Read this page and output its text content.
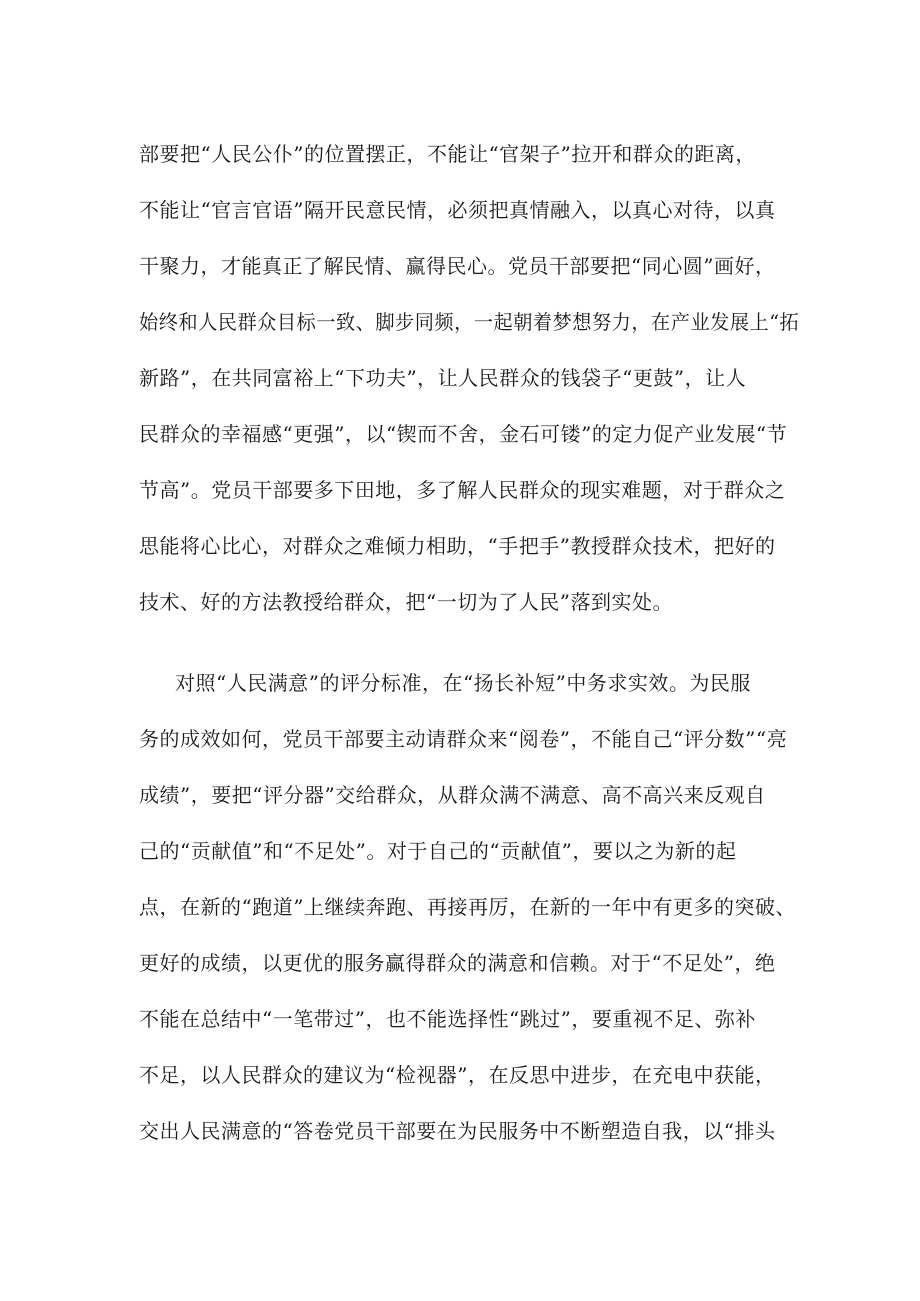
部要把“人民公仆”的位置摆正，不能让“官架子”拉开和群众的距离，
不能让“官言官语”隔开民意民情，必须把真情融入，以真心对待，以真
干聚力，才能真正了解民情、赢得民心。党员干部要把“同心圆”画好，
始终和人民群众目标一致、脚步同频，一起朝着梦想努力，在产业发展上“拓
新路”，在共同富裕上“下功夫”，让人民群众的钱袋子“更鼓”，让人
民群众的幸福感“更强”，以“锲而不舍，金石可镂”的定力促产业发展“节
节高”。党员干部要多下田地，多了解人民群众的现实难题，对于群众之
思能将心比心，对群众之难倾力相助，“手把手”教授群众技术，把好的
技术、好的方法教授给群众，把“一切为了人民”落到实处。
对照“人民满意”的评分标准，在“扬长补短”中务求实效。为民服
务的成效如何，党员干部要主动请群众来“阅卷”，不能自己“评分数”“亮
成绩”，要把“评分器”交给群众，从群众满不满意、高不高兴来反观自
己的“贡献值”和“不足处”。对于自己的“贡献值”，要以之为新的起
点，在新的“跑道”上继续奔跑、再接再厉，在新的一年中有更多的突破、
更好的成绩，以更优的服务赢得群众的满意和信赖。对于“不足处”，绝
不能在总结中“一笔带过”，也不能选择性“跳过”，要重视不足、弥补
不足，以人民群众的建议为“检视器”，在反思中进步，在充电中获能，
交出人民满意的“答卷党员干部要在为民服务中不断塑造自我，以“排头
